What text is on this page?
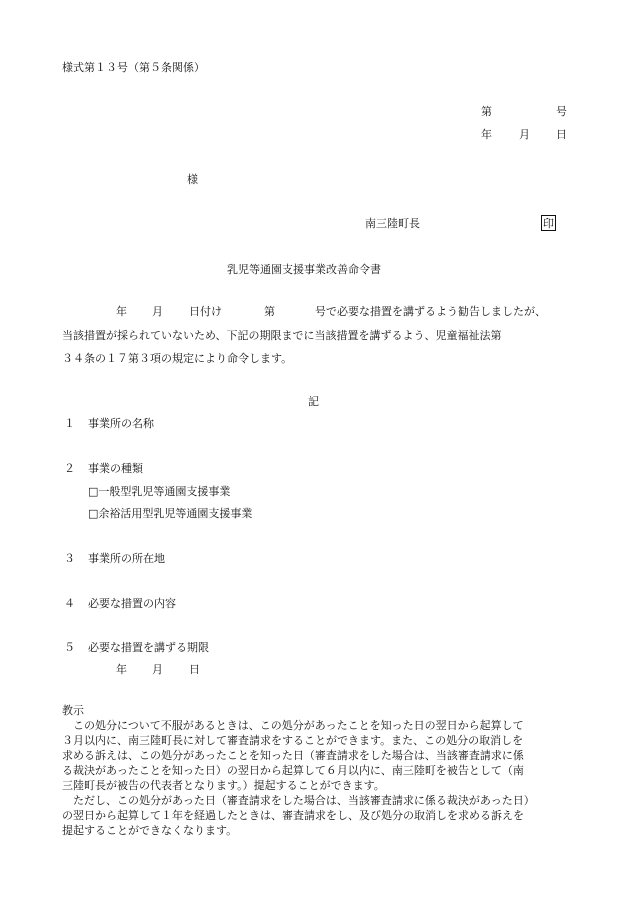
様式第１３号（第５条関係）
第	号
年 月 日
様
南三陸町長	印
乳児等通園支援事業改善命令書
年 月 日付け	第	号で必要な措置を講ずるよう勧告しましたが、
当該措置が採られていないため、下記の期限までに当該措置を講ずるよう、児童福祉法第
３４条の１７第３項の規定により命令します。
記
１ 事業所の名称
２ 事業の種類
□一般型乳児等通園支援事業
□余裕活用型乳児等通園支援事業
３ 事業所の所在地
４ 必要な措置の内容
５ 必要な措置を講ずる期限
年 月 日
教示
この処分について不服があるときは、この処分があったことを知った日の翌日から起算して
３月以内に、南三陸町長に対して審査請求をすることができます。また、この処分の取消しを
求める訴えは、この処分があったことを知った日（審査請求をした場合は、当該審査請求に係
る裁決があったことを知った日）の翌日から起算して６月以内に、南三陸町を被告として（南
三陸町長が被告の代表者となります。）提起することができます。
ただし、この処分があった日（審査請求をした場合は、当該審査請求に係る裁決があった日）
の翌日から起算して１年を経過したときは、審査請求をし、及び処分の取消しを求める訴えを
提起することができなくなります。
